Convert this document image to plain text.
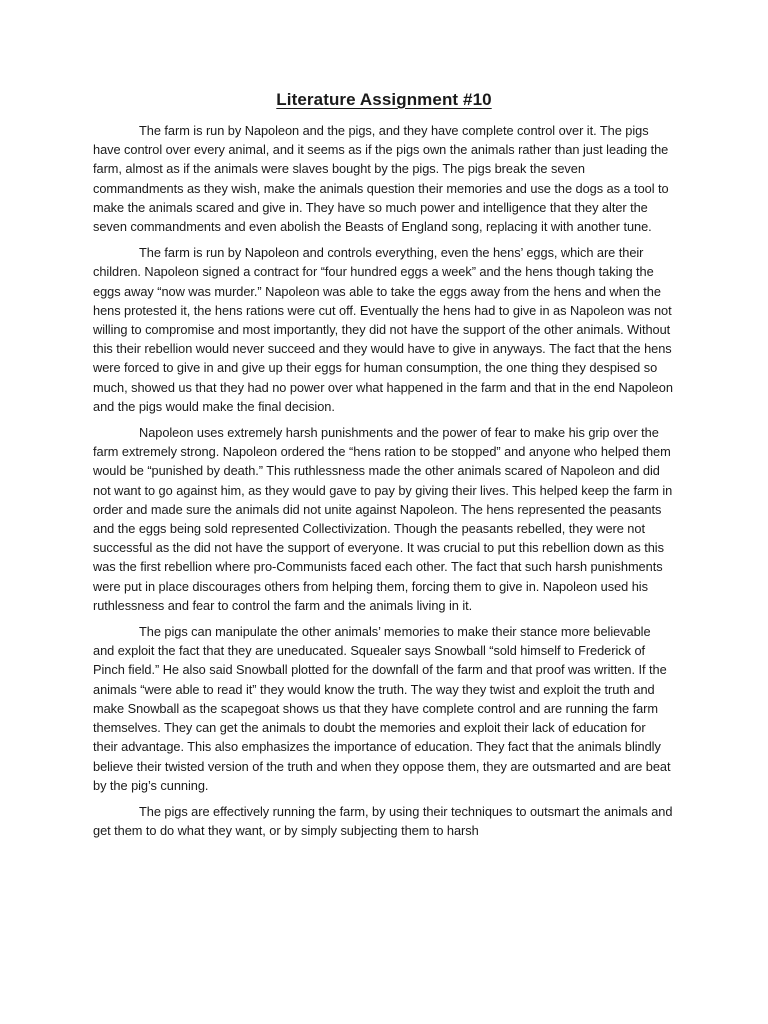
Literature Assignment #10

The farm is run by Napoleon and the pigs, and they have complete control over it. The pigs have control over every animal, and it seems as if the pigs own the animals rather than just leading the farm, almost as if the animals were slaves bought by the pigs. The pigs break the seven commandments as they wish, make the animals question their memories and use the dogs as a tool to make the animals scared and give in. They have so much power and intelligence that they alter the seven commandments and even abolish the Beasts of England song, replacing it with another tune.

The farm is run by Napoleon and controls everything, even the hens’ eggs, which are their children. Napoleon signed a contract for “four hundred eggs a week” and the hens though taking the eggs away “now was murder.” Napoleon was able to take the eggs away from the hens and when the hens protested it, the hens rations were cut off. Eventually the hens had to give in as Napoleon was not willing to compromise and most importantly, they did not have the support of the other animals. Without this their rebellion would never succeed and they would have to give in anyways. The fact that the hens were forced to give in and give up their eggs for human consumption, the one thing they despised so much, showed us that they had no power over what happened in the farm and that in the end Napoleon and the pigs would make the final decision.

Napoleon uses extremely harsh punishments and the power of fear to make his grip over the farm extremely strong. Napoleon ordered the “hens ration to be stopped” and anyone who helped them would be “punished by death.” This ruthlessness made the other animals scared of Napoleon and did not want to go against him, as they would gave to pay by giving their lives. This helped keep the farm in order and made sure the animals did not unite against Napoleon. The hens represented the peasants and the eggs being sold represented Collectivization. Though the peasants rebelled, they were not successful as the did not have the support of everyone. It was crucial to put this rebellion down as this was the first rebellion where pro-Communists faced each other. The fact that such harsh punishments were put in place discourages others from helping them, forcing them to give in. Napoleon used his ruthlessness and fear to control the farm and the animals living in it.

The pigs can manipulate the other animals’ memories to make their stance more believable and exploit the fact that they are uneducated. Squealer says Snowball “sold himself to Frederick of Pinch field.” He also said Snowball plotted for the downfall of the farm and that proof was written. If the animals “were able to read it” they would know the truth. The way they twist and exploit the truth and make Snowball as the scapegoat shows us that they have complete control and are running the farm themselves. They can get the animals to doubt the memories and exploit their lack of education for their advantage. This also emphasizes the importance of education. They fact that the animals blindly believe their twisted version of the truth and when they oppose them, they are outsmarted and are beat by the pig’s cunning.

The pigs are effectively running the farm, by using their techniques to outsmart the animals and get them to do what they want, or by simply subjecting them to harsh
